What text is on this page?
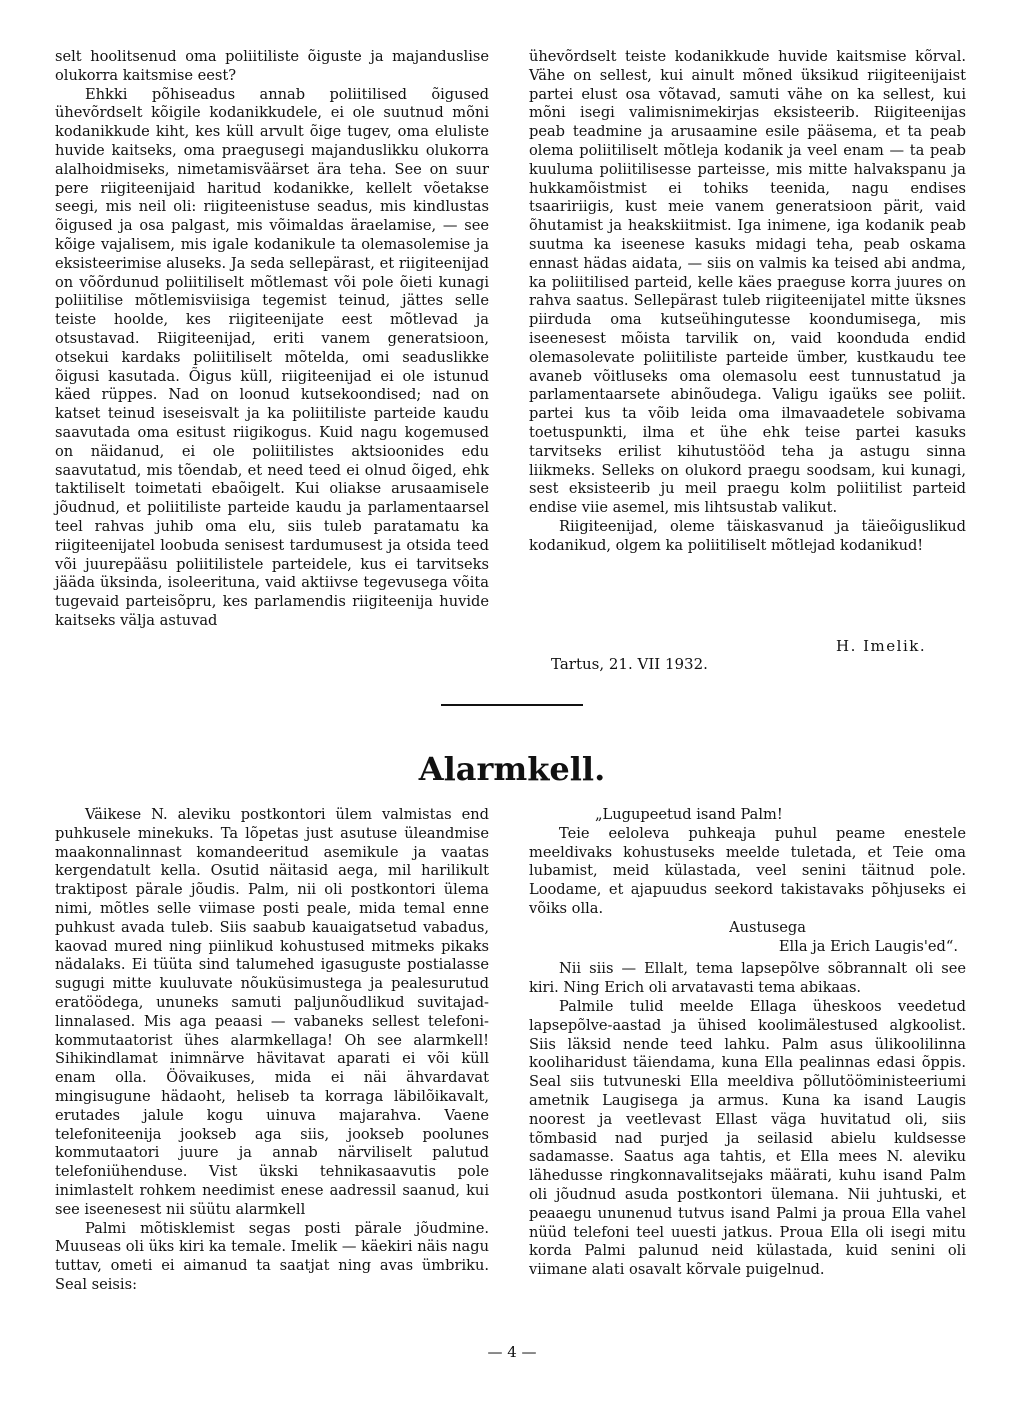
selt hoolitsenud oma poliitiliste õiguste ja majanduslise olukorra kaitsmise eest?

Ehkki põhiseadus annab poliitilised õigused ühevõrdselt kõigile kodanikkudele, ei ole suutnud mõni kodanikkude kiht, kes küll arvult õige tugev, oma eluliste huvide kaitseks, oma praegusegi majanduslikku olukorra alalhoidmiseks, nimetamisväärset ära teha. See on suur pere riigiteenijaid haritud kodanikke, kellelt võetakse seegi, mis neil oli: riigiteenistuse seadus, mis kindlustas õigused ja osa palgast, mis võimaldas äraelamise, — see kõige vajalisem, mis igale kodanikule ta olemasolemise ja eksisteerimise aluseks. Ja seda sellepärast, et riigiteenijad on võõrdunud poliitiliselt mõtlemast või pole õieti kunagi poliitilise mõtlemisviisiga tegemist teinud, jättes selle teiste hoolde, kes riigiteenijate eest mõtlevad ja otsustavad. Riigiteenijad, eriti vanem generatsioon, otsekui kardaks poliitiliselt mõtelda, omi seaduslikke õigusi kasutada. Õigus küll, riigiteenijad ei ole istunud käed rüppes. Nad on loonud kutsekoondised; nad on katset teinud iseseisvalt ja ka poliitiliste parteide kaudu saavutada oma esitust riigikogus. Kuid nagu kogemused on näidanud, ei ole poliitilistes aktsioonides edu saavutatud, mis tõendab, et need teed ei olnud õiged, ehk taktiliselt toimetati ebaõigelt. Kui oliakse arusaamisele jõudnud, et poliitiliste parteide kaudu ja parlamentaarsel teel rahvas juhib oma elu, siis tuleb paratamatu ka riigiteenijatel loobuda senisest tardumusest ja otsida teed või juurepääsu poliitilistele parteidele, kus ei tarvitseks jääda üksinda, isoleerituna, vaid aktiivse tegevusega võita tugevaid parteisõpru, kes parlamendis riigiteenija huvide kaitseks välja astuvad

ühevõrdselt teiste kodanikkude huvide kaitsmise kõrval. Vähe on sellest, kui ainult mõned üksikud riigiteenijaist partei elust osa võtavad, samuti vähe on ka sellest, kui mõni isegi valimisnimekirjas eksisteerib. Riigiteenijas peab teadmine ja arusaamine esile pääsema, et ta peab olema poliitiliselt mõtleja kodanik ja veel enam — ta peab kuuluma poliitilisesse parteisse, mis mitte halvakspanu ja hukkamõistmist ei tohiks teenida, nagu endises tsaaririigis, kust meie vanem generatsioon pärit, vaid õhutamist ja heakskiitmist. Iga inimene, iga kodanik peab suutma ka iseenese kasuks midagi teha, peab oskama ennast hädas aidata, — siis on valmis ka teised abi andma, ka poliitilised parteid, kelle käes praeguse korra juures on rahva saatus. Sellepärast tuleb riigiteenijatel mitte üksnes piirduda oma kutseühingutesse koondumisega, mis iseenesest mõista tarvilik on, vaid koonduda endid olemasolevate poliitiliste parteide ümber, kustkaudu tee avaneb võitluseks oma olemasolu eest tunnustatud ja parlamentaarsete abinõudega. Valigu igaüks see poliit. partei kus ta võib leida oma ilmavaadetele sobivama toetuspunkti, ilma et ühe ehk teise partei kasuks tarvitseks erilist kihutustööd teha ja astugu sinna liikmeks. Selleks on olukord praegu soodsam, kui kunagi, sest eksisteerib ju meil praegu kolm poliitilist parteid endise viie asemel, mis lihtsustab valikut.

Riigiteenijad, oleme täiskasvanud ja täieõiguslikud kodanikud, olgem ka poliitiliselt mõtlejad kodanikud!

H. Imelik.
Tartus, 21. VII 1932.
Alarmkell.

Väikese N. aleviku postkontori ülem valmistas end puhkusele minekuks. Ta lõpetas just asutuse üleandmise maakonnalinnast komandeeritud asemikule ja vaatas kergendatult kella. Osutid näitasid aega, mil harilikult traktipost pärale jõudis. Palm, nii oli postkontori ülema nimi, mõtles selle viimase posti peale, mida temal enne puhkust avada tuleb. Siis saabub kauaigatsetud vabadus, kaovad mured ning piinlikud kohustused mitmeks pikaks nädalaks. Ei tüüta sind talumehed igasuguste postialasse sugugi mitte kuuluvate nõuküsimustega ja pealesurutud eratöödega, ununeks samuti paljunõudlikud suvitajad-linnalased. Mis aga peaasi — vabaneks sellest telefoni-kommutaatorist ühes alarmkellaga! Oh see alarmkell! Sihikindlamat inimnärve hävitavat aparati ei või küll enam olla. Öövaikuses, mida ei näi ähvardavat mingisugune hädaoht, heliseb ta korraga läbilõikavalt, erutades jalule kogu uinuva majarahva. Vaene telefoniteenija jookseb aga siis, jookseb poolunes kommutaatori juure ja annab närviliselt palutud telefoniühenduse. Vist ükski tehnikasaavutis pole inimlastelt rohkem needimist enese aadressil saanud, kui see iseenesest nii süütu alarmkell

Palmi mõtisklemist segas posti pärale jõudmine. Muuseas oli üks kiri ka temale. Imelik — käekiri näis nagu tuttav, ometi ei aimanud ta saatjat ning avas ümbriku. Seal seisis:

„Lugupeetud isand Palm!

Teie eeloleva puhkeaja puhul peame enestele meeldivaks kohustuseks meelde tuletada, et Teie oma lubamist, meid külastada, veel senini täitnud pole. Loodame, et ajapuudus seekord takistavaks põhjuseks ei võiks olla.

Austusega

Ella ja Erich Laugis'ed“.

Nii siis — Ellalt, tema lapsepõlve sõbrannalt oli see kiri. Ning Erich oli arvatavasti tema abikaas.

Palmile tulid meelde Ellaga üheskoos veedetud lapsepõlve-aastad ja ühised koolimälestused algkoolist. Siis läksid nende teed lahku. Palm asus ülikoolilinna kooliharidust täiendama, kuna Ella pealinnas edasi õppis. Seal siis tutvuneski Ella meeldiva põllutööministeeriumi ametnik Laugisega ja armus. Kuna ka isand Laugis noorest ja veetlevast Ellast väga huvitatud oli, siis tõmbasid nad purjed ja seilasid abielu kuldsesse sadamasse. Saatus aga tahtis, et Ella mees N. aleviku lähedusse ringkonnavalitsejaks määrati, kuhu isand Palm oli jõudnud asuda postkontori ülemana. Nii juhtuski, et peaaegu ununenud tutvus isand Palmi ja proua Ella vahel nüüd telefoni teel uuesti jatkus. Proua Ella oli isegi mitu korda Palmi palunud neid külastada, kuid senini oli viimane alati osavalt kõrvale puigelnud.

— 4 —
